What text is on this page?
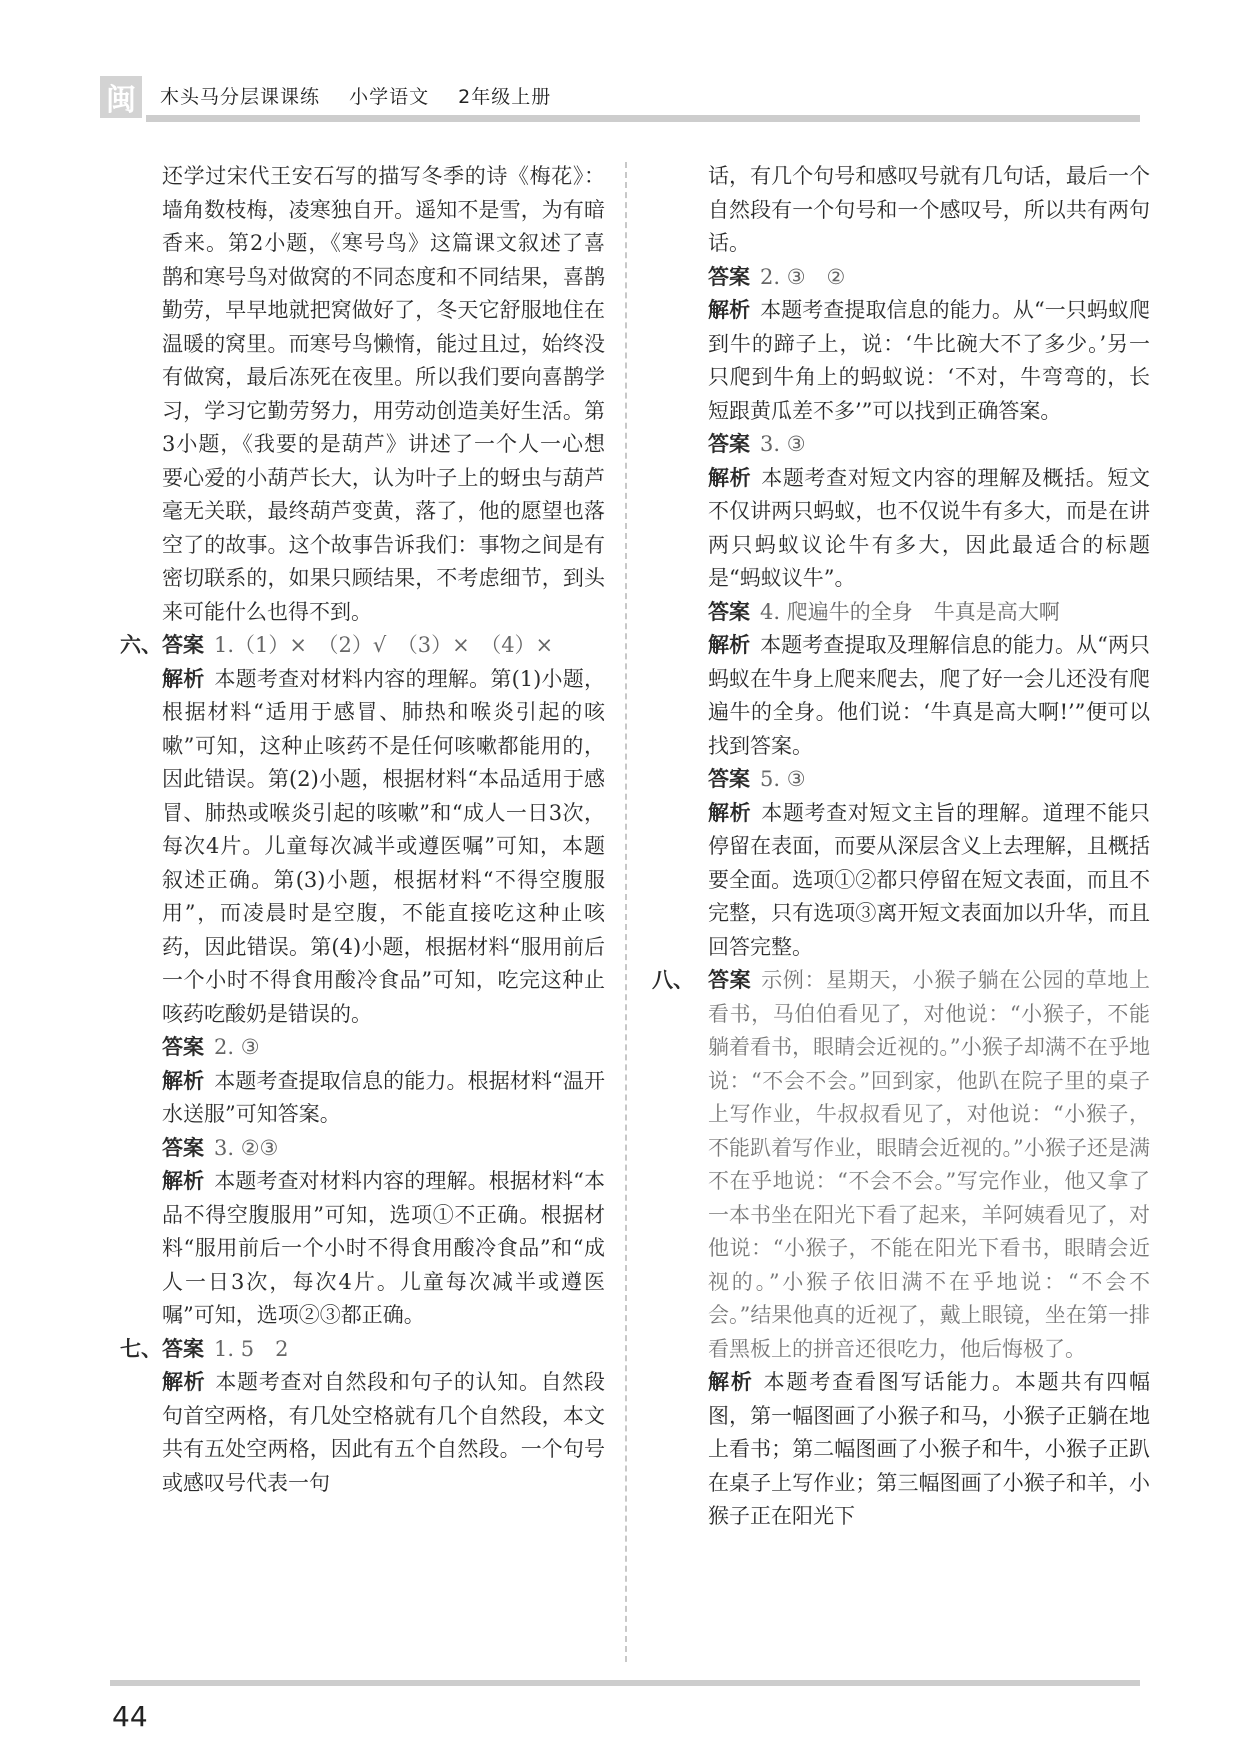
闽	木头马分层课课练 小学语文 2年级上册

还学过宋代王安石写的描写冬季的诗《梅花》：墙角数枝梅，凌寒独自开。遥知不是雪，为有暗香来。第2小题，《寒号鸟》这篇课文叙述了喜鹊和寒号鸟对做窝的不同态度和不同结果，喜鹊勤劳，早早地就把窝做好了，冬天它舒服地住在温暖的窝里。而寒号鸟懒惰，能过且过，始终没有做窝，最后冻死在夜里。所以我们要向喜鹊学习，学习它勤劳努力，用劳动创造美好生活。第3小题，《我要的是葫芦》讲述了一个人一心想要心爱的小葫芦长大，认为叶子上的蚜虫与葫芦毫无关联，最终葫芦变黄，落了，他的愿望也落空了的故事。这个故事告诉我们：事物之间是有密切联系的，如果只顾结果，不考虑细节，到头来可能什么也得不到。

六、 答案 1.（1）×　（2）√　（3）×　（4）×

解析 本题考查对材料内容的理解。第(1)小题，根据材料“适用于感冒、肺热和喉炎引起的咳嗽”可知，这种止咳药不是任何咳嗽都能用的，因此错误。第(2)小题，根据材料“本品适用于感冒、肺热或喉炎引起的咳嗽”和“成人一日3次，每次4片。儿童每次减半或遵医嘱”可知，本题叙述正确。第(3)小题，根据材料“不得空腹服用”，而凌晨时是空腹，不能直接吃这种止咳药，因此错误。第(4)小题，根据材料“服用前后一个小时不得食用酸冷食品”可知，吃完这种止咳药吃酸奶是错误的。

答案 2. ③

解析 本题考查提取信息的能力。根据材料“温开水送服”可知答案。

答案 3. ②③

解析 本题考查对材料内容的理解。根据材料“本品不得空腹服用”可知，选项①不正确。根据材料“服用前后一个小时不得食用酸冷食品”和“成人一日3次，每次4片。儿童每次减半或遵医嘱”可知，选项②③都正确。

七、 答案 1. 5　2

解析 本题考查对自然段和句子的认知。自然段句首空两格，有几处空格就有几个自然段，本文共有五处空两格，因此有五个自然段。一个句号或感叹号代表一句

话，有几个句号和感叹号就有几句话，最后一个自然段有一个句号和一个感叹号，所以共有两句话。

答案 2. ③　②

解析 本题考查提取信息的能力。从“一只蚂蚁爬到牛的蹄子上，说：‘牛比碗大不了多少。’另一只爬到牛角上的蚂蚁说：‘不对，牛弯弯的，长短跟黄瓜差不多’”可以找到正确答案。

答案 3. ③

解析 本题考查对短文内容的理解及概括。短文不仅讲两只蚂蚁，也不仅说牛有多大，而是在讲两只蚂蚁议论牛有多大，因此最适合的标题是“蚂蚁议牛”。

答案 4. 爬遍牛的全身　牛真是高大啊

解析 本题考查提取及理解信息的能力。从“两只蚂蚁在牛身上爬来爬去，爬了好一会儿还没有爬遍牛的全身。他们说：‘牛真是高大啊!’”便可以找到答案。

答案 5. ③

解析 本题考查对短文主旨的理解。道理不能只停留在表面，而要从深层含义上去理解，且概括要全面。选项①②都只停留在短文表面，而且不完整，只有选项③离开短文表面加以升华，而且回答完整。

八、 答案 示例：星期天，小猴子躺在公园的草地上看书，马伯伯看见了，对他说：“小猴子，不能躺着看书，眼睛会近视的。”小猴子却满不在乎地说：“不会不会。”回到家，他趴在院子里的桌子上写作业，牛叔叔看见了，对他说：“小猴子，不能趴着写作业，眼睛会近视的。”小猴子还是满不在乎地说：“不会不会。”写完作业，他又拿了一本书坐在阳光下看了起来，羊阿姨看见了，对他说：“小猴子，不能在阳光下看书，眼睛会近视的。”小猴子依旧满不在乎地说：“不会不会。”结果他真的近视了，戴上眼镜，坐在第一排看黑板上的拼音还很吃力，他后悔极了。

解析 本题考查看图写话能力。本题共有四幅图，第一幅图画了小猴子和马，小猴子正躺在地上看书；第二幅图画了小猴子和牛，小猴子正趴在桌子上写作业；第三幅图画了小猴子和羊，小猴子正在阳光下

44
